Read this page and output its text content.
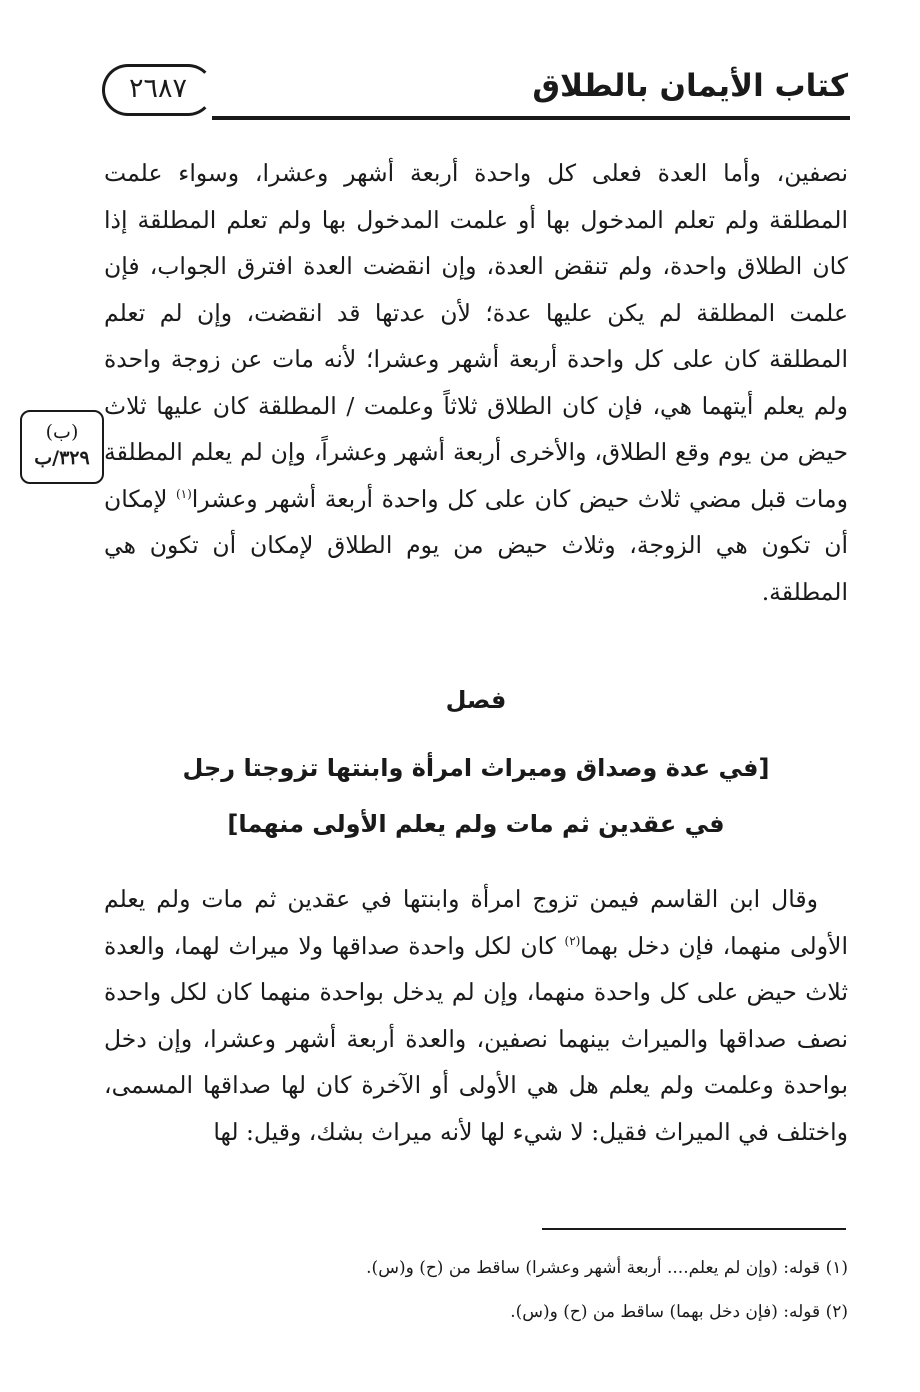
كتاب الأيمان بالطلاق
٢٦٨٧
(ب)
٣٢٩/ب

نصفين، وأما العدة فعلى كل واحدة أربعة أشهر وعشرا، وسواء علمت المطلقة ولم تعلم المدخول بها أو علمت المدخول بها ولم تعلم المطلقة إذا كان الطلاق واحدة، ولم تنقض العدة، وإن انقضت العدة افترق الجواب، فإن علمت المطلقة لم يكن عليها عدة؛ لأن عدتها قد انقضت، وإن لم تعلم المطلقة كان على كل واحدة أربعة أشهر وعشرا؛ لأنه مات عن زوجة واحدة ولم يعلم أيتهما هي، فإن كان الطلاق ثلاثاً وعلمت / المطلقة كان عليها ثلاث حيض من يوم وقع الطلاق، والأخرى أربعة أشهر وعشراً، وإن لم يعلم المطلقة ومات قبل مضي ثلاث حيض كان على كل واحدة أربعة أشهر وعشرا$^{(١)}$ لإمكان أن تكون هي الزوجة، وثلاث حيض من يوم الطلاق لإمكان أن تكون هي المطلقة.

فصل
[في عدة وصداق وميراث امرأة وابنتها تزوجتا رجل
في عقدين ثم مات ولم يعلم الأولى منهما]

وقال ابن القاسم فيمن تزوج امرأة وابنتها في عقدين ثم مات ولم يعلم الأولى منهما، فإن دخل بهما$^{(٢)}$ كان لكل واحدة صداقها ولا ميراث لهما، والعدة ثلاث حيض على كل واحدة منهما، وإن لم يدخل بواحدة منهما كان لكل واحدة نصف صداقها والميراث بينهما نصفين، والعدة أربعة أشهر وعشرا، وإن دخل بواحدة وعلمت ولم يعلم هل هي الأولى أو الآخرة كان لها صداقها المسمى، واختلف في الميراث فقيل: لا شيء لها لأنه ميراث بشك، وقيل: لها

(١) قوله: (وإن لم يعلم.... أربعة أشهر وعشرا) ساقط من (ح) و(س).

(٢) قوله: (فإن دخل بهما) ساقط من (ح) و(س).
